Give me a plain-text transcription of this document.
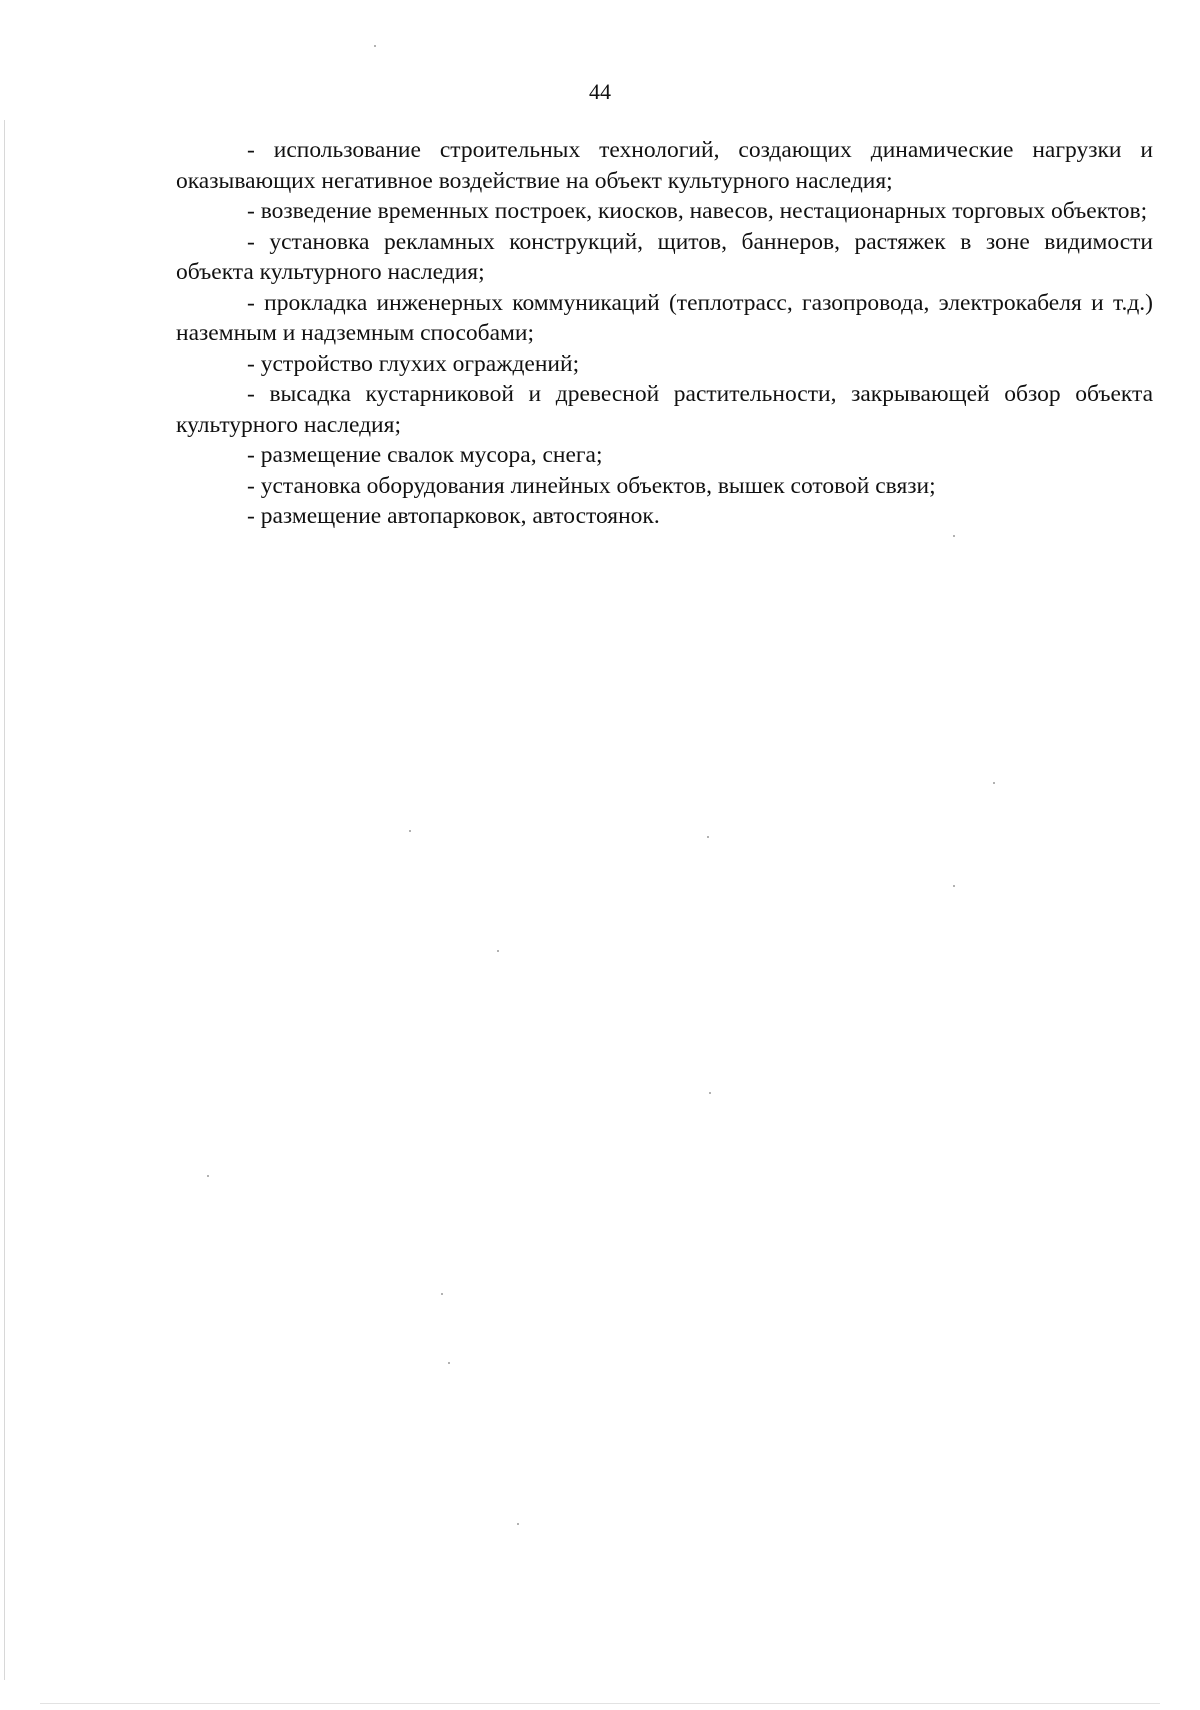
44

- использование строительных технологий, создающих динамические нагрузки и оказывающих негативное воздействие на объект культурного наследия;

- возведение временных построек, киосков, навесов, нестационарных торговых объектов;

- установка рекламных конструкций, щитов, баннеров, растяжек в зоне видимости объекта культурного наследия;

- прокладка инженерных коммуникаций (теплотрасс, газопровода, электрокабеля и т.д.) наземным и надземным способами;

- устройство глухих ограждений;

- высадка кустарниковой и древесной растительности, закрывающей обзор объекта культурного наследия;

- размещение свалок мусора, снега;

- установка оборудования линейных объектов, вышек сотовой связи;

- размещение автопарковок, автостоянок.
